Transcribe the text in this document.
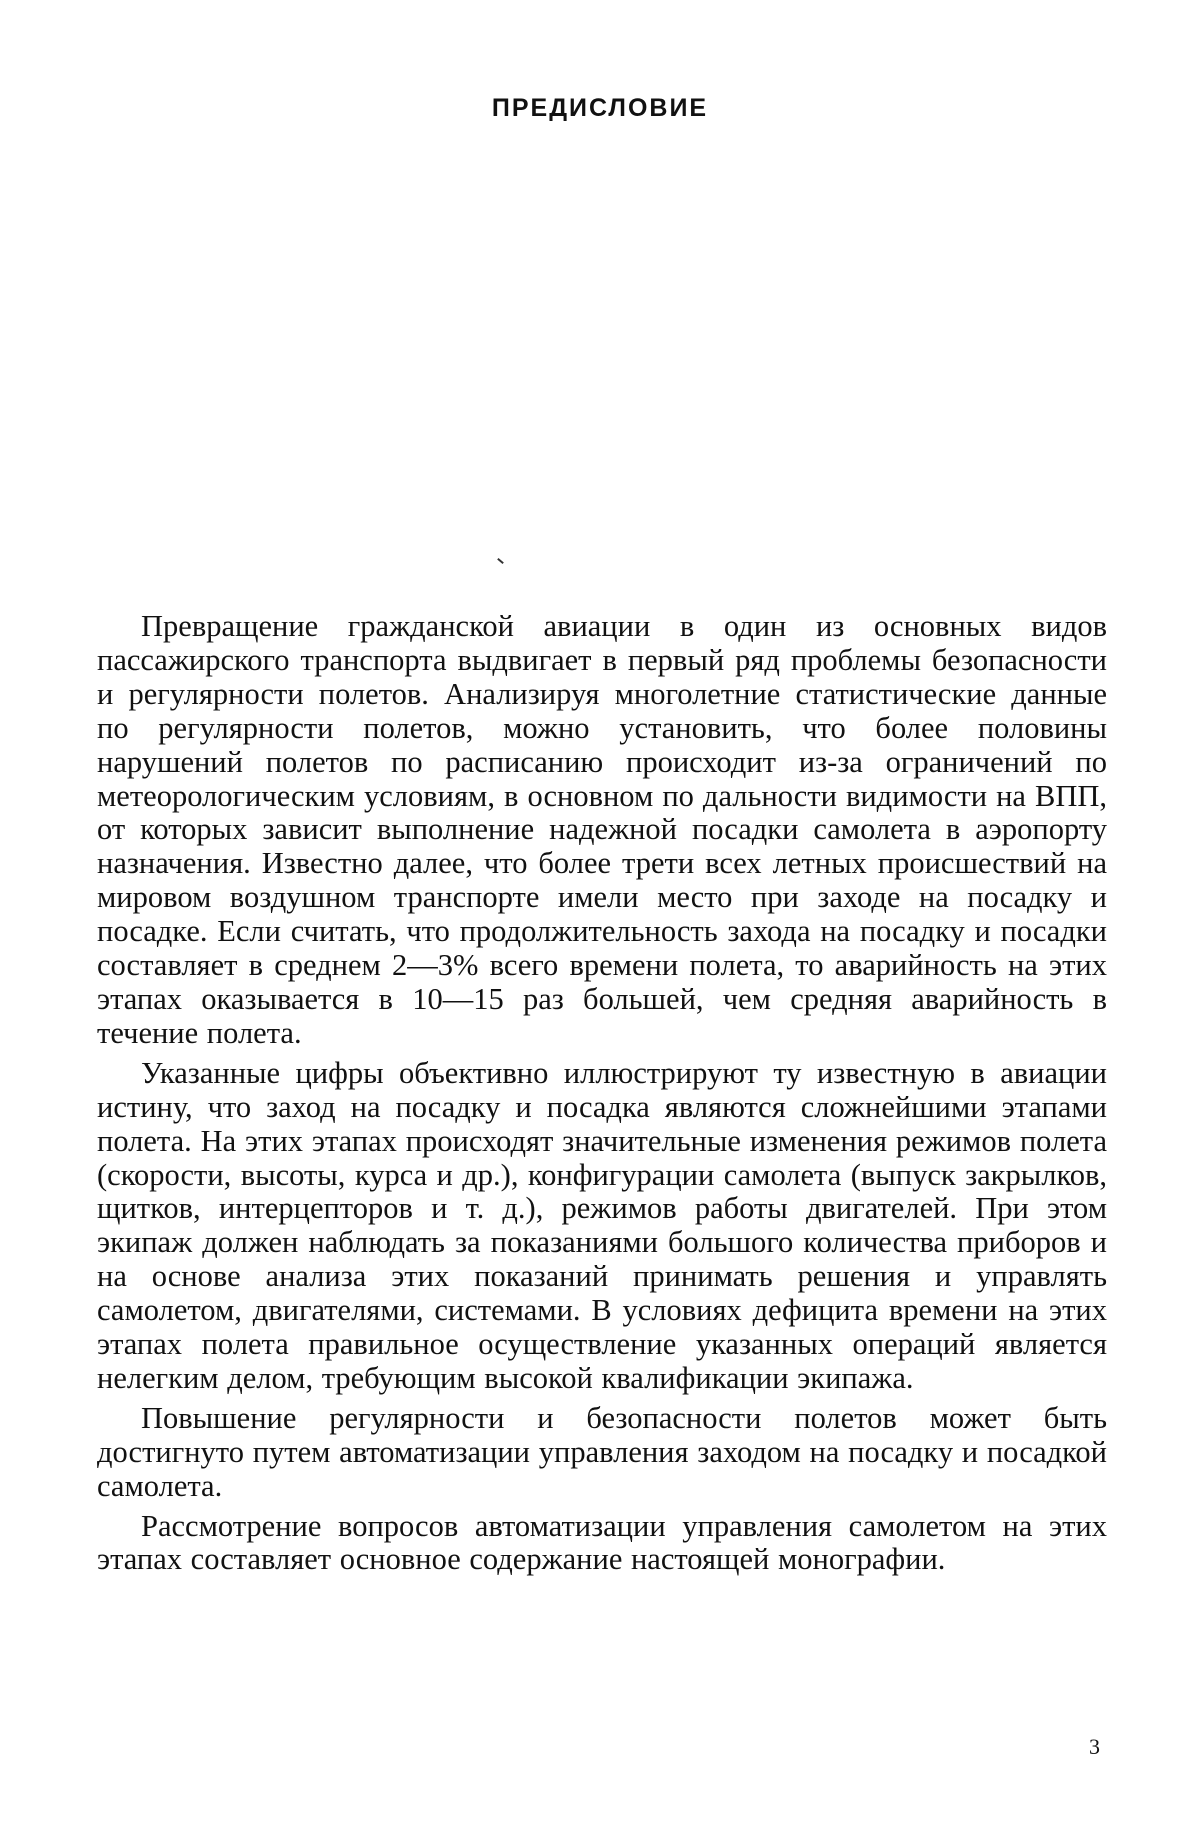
ПРЕДИСЛОВИЕ

Превращение гражданской авиации в один из основных видов пассажирского транспорта выдвигает в первый ряд проблемы безопасности и регулярности полетов. Анализируя многолетние статистические данные по регулярности полетов, можно установить, что более половины нарушений полетов по расписанию происходит из-за ограничений по метеорологическим условиям, в основном по дальности видимости на ВПП, от которых зависит выполнение надежной посадки самолета в аэропорту назначения. Известно далее, что более трети всех летных происшествий на мировом воздушном транспорте имели место при заходе на посадку и посадке. Если считать, что продолжительность захода на посадку и посадки составляет в среднем 2—3% всего времени полета, то аварийность на этих этапах оказывается в 10—15 раз большей, чем средняя аварийность в течение полета.

Указанные цифры объективно иллюстрируют ту известную в авиации истину, что заход на посадку и посадка являются сложнейшими этапами полета. На этих этапах происходят значительные изменения режимов полета (скорости, высоты, курса и др.), конфигурации самолета (выпуск закрылков, щитков, интерцепторов и т. д.), режимов работы двигателей. При этом экипаж должен наблюдать за показаниями большого количества приборов и на основе анализа этих показаний принимать решения и управлять самолетом, двигателями, системами. В условиях дефицита времени на этих этапах полета правильное осуществление указанных операций является нелегким делом, требующим высокой квалификации экипажа.

Повышение регулярности и безопасности полетов может быть достигнуто путем автоматизации управления заходом на посадку и посадкой самолета.

Рассмотрение вопросов автоматизации управления самолетом на этих этапах составляет основное содержание настоящей монографии.

3
